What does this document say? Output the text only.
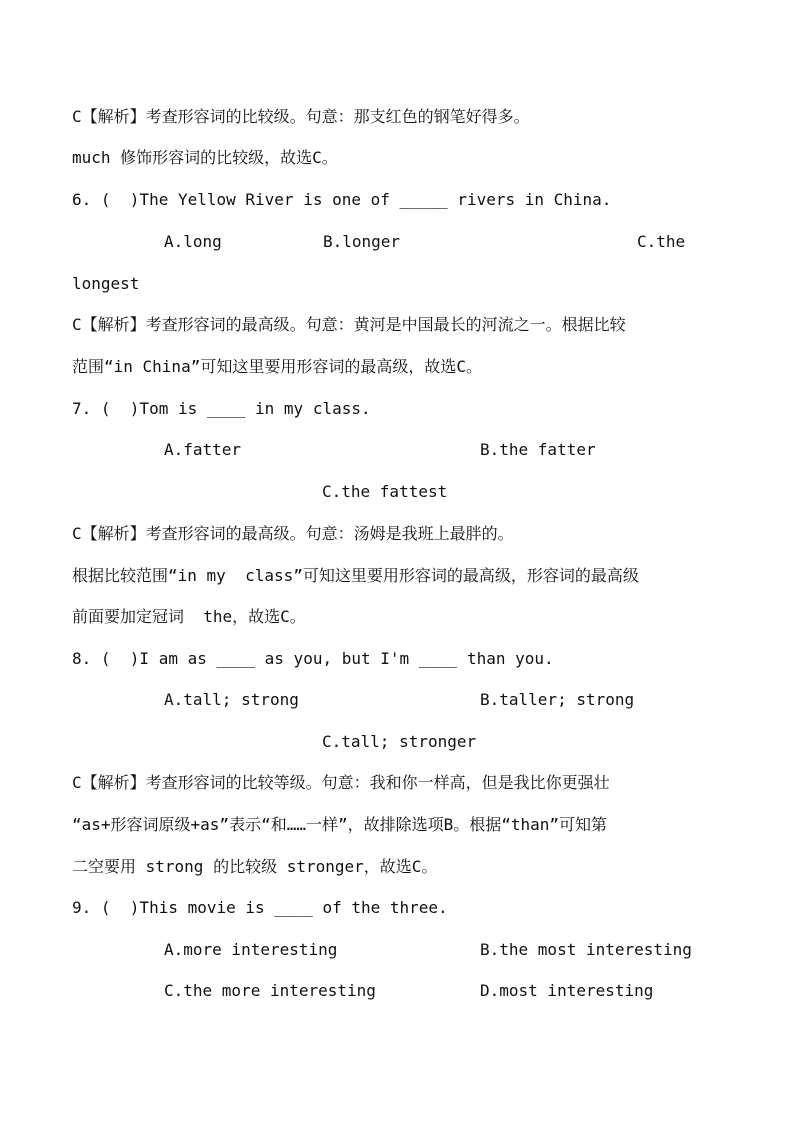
C【解析】考查形容词的比较级。句意：那支红色的钢笔好得多。
much 修饰形容词的比较级，故选C。
6. (  )The Yellow River is one of _____ rivers in China.
A.long	B.longer	C.the
longest
C【解析】考查形容词的最高级。句意：黄河是中国最长的河流之一。根据比较
范围“in China”可知这里要用形容词的最高级，故选C。
7. (  )Tom is ____ in my class.
A.fatter	B.the fatter
C.the fattest
C【解析】考查形容词的最高级。句意：汤姆是我班上最胖的。
根据比较范围“in my  class”可知这里要用形容词的最高级，形容词的最高级
前面要加定冠词  the，故选C。
8. (  )I am as ____ as you, but I'm ____ than you.
A.tall; strong	B.taller; strong
C.tall; stronger
C【解析】考查形容词的比较等级。句意：我和你一样高，但是我比你更强壮
“as+形容词原级+as”表示“和……一样”，故排除选项B。根据“than”可知第
二空要用 strong 的比较级 stronger，故选C。
9. (  )This movie is ____ of the three.
A.more interesting	B.the most interesting
C.the more interesting	D.most interesting
